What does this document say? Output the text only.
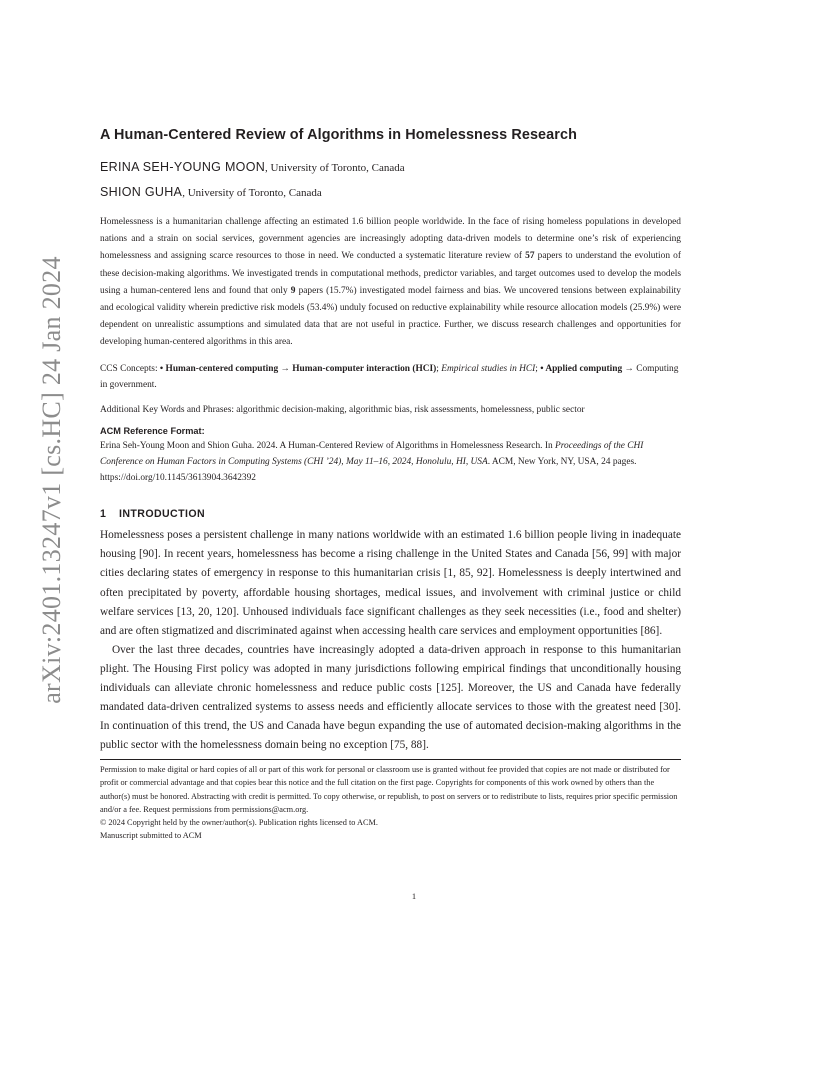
arXiv:2401.13247v1 [cs.HC] 24 Jan 2024
A Human-Centered Review of Algorithms in Homelessness Research
ERINA SEH-YOUNG MOON, University of Toronto, Canada
SHION GUHA, University of Toronto, Canada

Homelessness is a humanitarian challenge affecting an estimated 1.6 billion people worldwide. In the face of rising homeless populations in developed nations and a strain on social services, government agencies are increasingly adopting data-driven models to determine one’s risk of experiencing homelessness and assigning scarce resources to those in need. We conducted a systematic literature review of 57 papers to understand the evolution of these decision-making algorithms. We investigated trends in computational methods, predictor variables, and target outcomes used to develop the models using a human-centered lens and found that only 9 papers (15.7%) investigated model fairness and bias. We uncovered tensions between explainability and ecological validity wherein predictive risk models (53.4%) unduly focused on reductive explainability while resource allocation models (25.9%) were dependent on unrealistic assumptions and simulated data that are not useful in practice. Further, we discuss research challenges and opportunities for developing human-centered algorithms in this area.

CCS Concepts: • Human-centered computing → Human-computer interaction (HCI); Empirical studies in HCI; • Applied computing → Computing in government.

Additional Key Words and Phrases: algorithmic decision-making, algorithmic bias, risk assessments, homelessness, public sector

ACM Reference Format:

Erina Seh-Young Moon and Shion Guha. 2024. A Human-Centered Review of Algorithms in Homelessness Research. In Proceedings of the CHI Conference on Human Factors in Computing Systems (CHI ’24), May 11–16, 2024, Honolulu, HI, USA. ACM, New York, NY, USA, 24 pages. https://doi.org/10.1145/3613904.3642392

1 INTRODUCTION

Homelessness poses a persistent challenge in many nations worldwide with an estimated 1.6 billion people living in inadequate housing [90]. In recent years, homelessness has become a rising challenge in the United States and Canada [56, 99] with major cities declaring states of emergency in response to this humanitarian crisis [1, 85, 92]. Homelessness is deeply intertwined and often precipitated by poverty, affordable housing shortages, medical issues, and involvement with criminal justice or child welfare services [13, 20, 120]. Unhoused individuals face significant challenges as they seek necessities (i.e., food and shelter) and are often stigmatized and discriminated against when accessing health care services and employment opportunities [86].

Over the last three decades, countries have increasingly adopted a data-driven approach in response to this humanitarian plight. The Housing First policy was adopted in many jurisdictions following empirical findings that unconditionally housing individuals can alleviate chronic homelessness and reduce public costs [125]. Moreover, the US and Canada have federally mandated data-driven centralized systems to assess needs and efficiently allocate services to those with the greatest need [30]. In continuation of this trend, the US and Canada have begun expanding the use of automated decision-making algorithms in the public sector with the homelessness domain being no exception [75, 88].

Permission to make digital or hard copies of all or part of this work for personal or classroom use is granted without fee provided that copies are not made or distributed for profit or commercial advantage and that copies bear this notice and the full citation on the first page. Copyrights for components of this work owned by others than the author(s) must be honored. Abstracting with credit is permitted. To copy otherwise, or republish, to post on servers or to redistribute to lists, requires prior specific permission and/or a fee. Request permissions from permissions@acm.org.

© 2024 Copyright held by the owner/author(s). Publication rights licensed to ACM.

Manuscript submitted to ACM

1
